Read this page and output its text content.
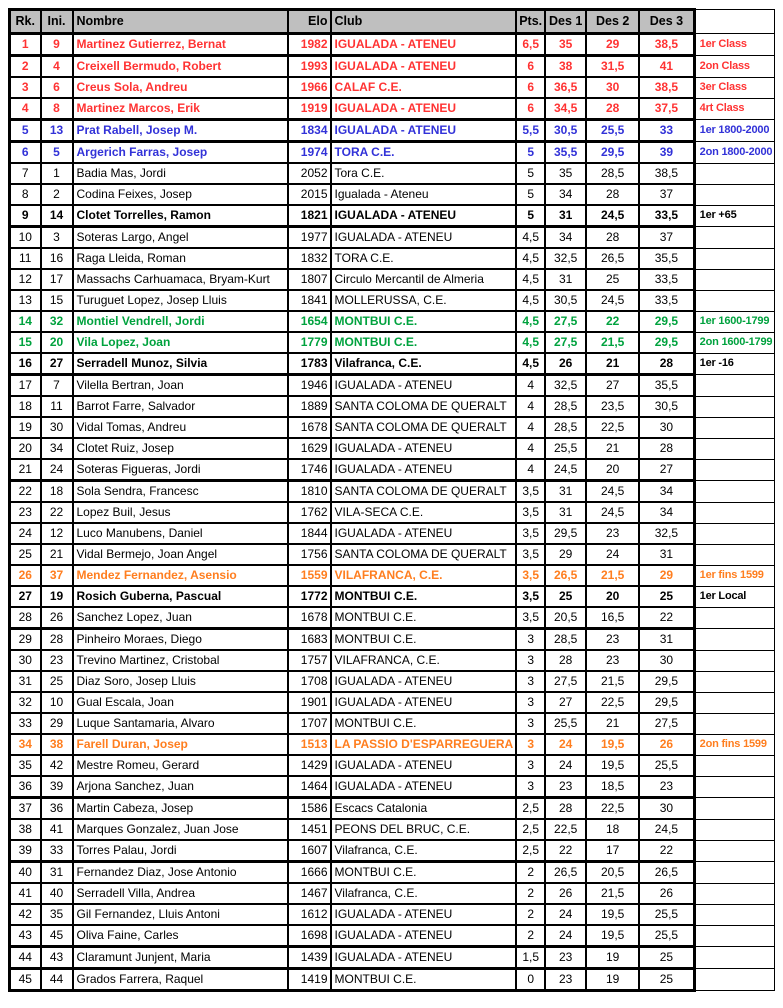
Rk.	Ini.	Nombre	Elo	Club	Pts.	Des 1	Des 2	Des 3	
1	9	Martinez Gutierrez, Bernat	1982	IGUALADA - ATENEU	6,5	35	29	38,5	1er Class
2	4	Creixell Bermudo, Robert	1993	IGUALADA - ATENEU	6	38	31,5	41	2on Class
3	6	Creus Sola, Andreu	1966	CALAF C.E.	6	36,5	30	38,5	3er Class
4	8	Martinez Marcos, Erik	1919	IGUALADA - ATENEU	6	34,5	28	37,5	4rt Class
5	13	Prat Rabell, Josep M.	1834	IGUALADA - ATENEU	5,5	30,5	25,5	33	1er 1800-2000
6	5	Argerich Farras, Josep	1974	TORA C.E.	5	35,5	29,5	39	2on 1800-2000
7	1	Badia Mas, Jordi	2052	Tora C.E.	5	35	28,5	38,5	
8	2	Codina Feixes, Josep	2015	Igualada - Ateneu	5	34	28	37	
9	14	Clotet Torrelles, Ramon	1821	IGUALADA - ATENEU	5	31	24,5	33,5	1er +65
10	3	Soteras Largo, Angel	1977	IGUALADA - ATENEU	4,5	34	28	37	
11	16	Raga Lleida, Roman	1832	TORA C.E.	4,5	32,5	26,5	35,5	
12	17	Massachs Carhuamaca, Bryam-Kurt	1807	Circulo Mercantil de Almeria	4,5	31	25	33,5	
13	15	Turuguet Lopez, Josep Lluis	1841	MOLLERUSSA, C.E.	4,5	30,5	24,5	33,5	
14	32	Montiel Vendrell, Jordi	1654	MONTBUI C.E.	4,5	27,5	22	29,5	1er 1600-1799
15	20	Vila Lopez, Joan	1779	MONTBUI C.E.	4,5	27,5	21,5	29,5	2on 1600-1799
16	27	Serradell Munoz, Silvia	1783	Vilafranca, C.E.	4,5	26	21	28	1er -16
17	7	Vilella Bertran, Joan	1946	IGUALADA - ATENEU	4	32,5	27	35,5	
18	11	Barrot Farre, Salvador	1889	SANTA COLOMA DE QUERALT	4	28,5	23,5	30,5	
19	30	Vidal Tomas, Andreu	1678	SANTA COLOMA DE QUERALT	4	28,5	22,5	30	
20	34	Clotet Ruiz, Josep	1629	IGUALADA - ATENEU	4	25,5	21	28	
21	24	Soteras Figueras, Jordi	1746	IGUALADA - ATENEU	4	24,5	20	27	
22	18	Sola Sendra, Francesc	1810	SANTA COLOMA DE QUERALT	3,5	31	24,5	34	
23	22	Lopez Buil, Jesus	1762	VILA-SECA C.E.	3,5	31	24,5	34	
24	12	Luco Manubens, Daniel	1844	IGUALADA - ATENEU	3,5	29,5	23	32,5	
25	21	Vidal Bermejo, Joan Angel	1756	SANTA COLOMA DE QUERALT	3,5	29	24	31	
26	37	Mendez Fernandez, Asensio	1559	VILAFRANCA, C.E.	3,5	26,5	21,5	29	1er fins 1599
27	19	Rosich Guberna, Pascual	1772	MONTBUI C.E.	3,5	25	20	25	1er Local
28	26	Sanchez Lopez, Juan	1678	MONTBUI C.E.	3,5	20,5	16,5	22	
29	28	Pinheiro Moraes, Diego	1683	MONTBUI C.E.	3	28,5	23	31	
30	23	Trevino Martinez, Cristobal	1757	VILAFRANCA, C.E.	3	28	23	30	
31	25	Diaz Soro, Josep Lluis	1708	IGUALADA - ATENEU	3	27,5	21,5	29,5	
32	10	Gual Escala, Joan	1901	IGUALADA - ATENEU	3	27	22,5	29,5	
33	29	Luque Santamaria, Alvaro	1707	MONTBUI C.E.	3	25,5	21	27,5	
34	38	Farell Duran, Josep	1513	LA PASSIO D'ESPARREGUERA	3	24	19,5	26	2on fins 1599
35	42	Mestre Romeu, Gerard	1429	IGUALADA - ATENEU	3	24	19,5	25,5	
36	39	Arjona Sanchez, Juan	1464	IGUALADA - ATENEU	3	23	18,5	23	
37	36	Martin Cabeza, Josep	1586	Escacs Catalonia	2,5	28	22,5	30	
38	41	Marques Gonzalez, Juan Jose	1451	PEONS DEL BRUC, C.E.	2,5	22,5	18	24,5	
39	33	Torres Palau, Jordi	1607	Vilafranca, C.E.	2,5	22	17	22	
40	31	Fernandez Diaz, Jose Antonio	1666	MONTBUI C.E.	2	26,5	20,5	26,5	
41	40	Serradell Villa, Andrea	1467	Vilafranca, C.E.	2	26	21,5	26	
42	35	Gil Fernandez, Lluis Antoni	1612	IGUALADA - ATENEU	2	24	19,5	25,5	
43	45	Oliva Faine, Carles	1698	IGUALADA - ATENEU	2	24	19,5	25,5	
44	43	Claramunt Junjent, Maria	1439	IGUALADA - ATENEU	1,5	23	19	25	
45	44	Grados Farrera, Raquel	1419	MONTBUI C.E.	0	23	19	25	
